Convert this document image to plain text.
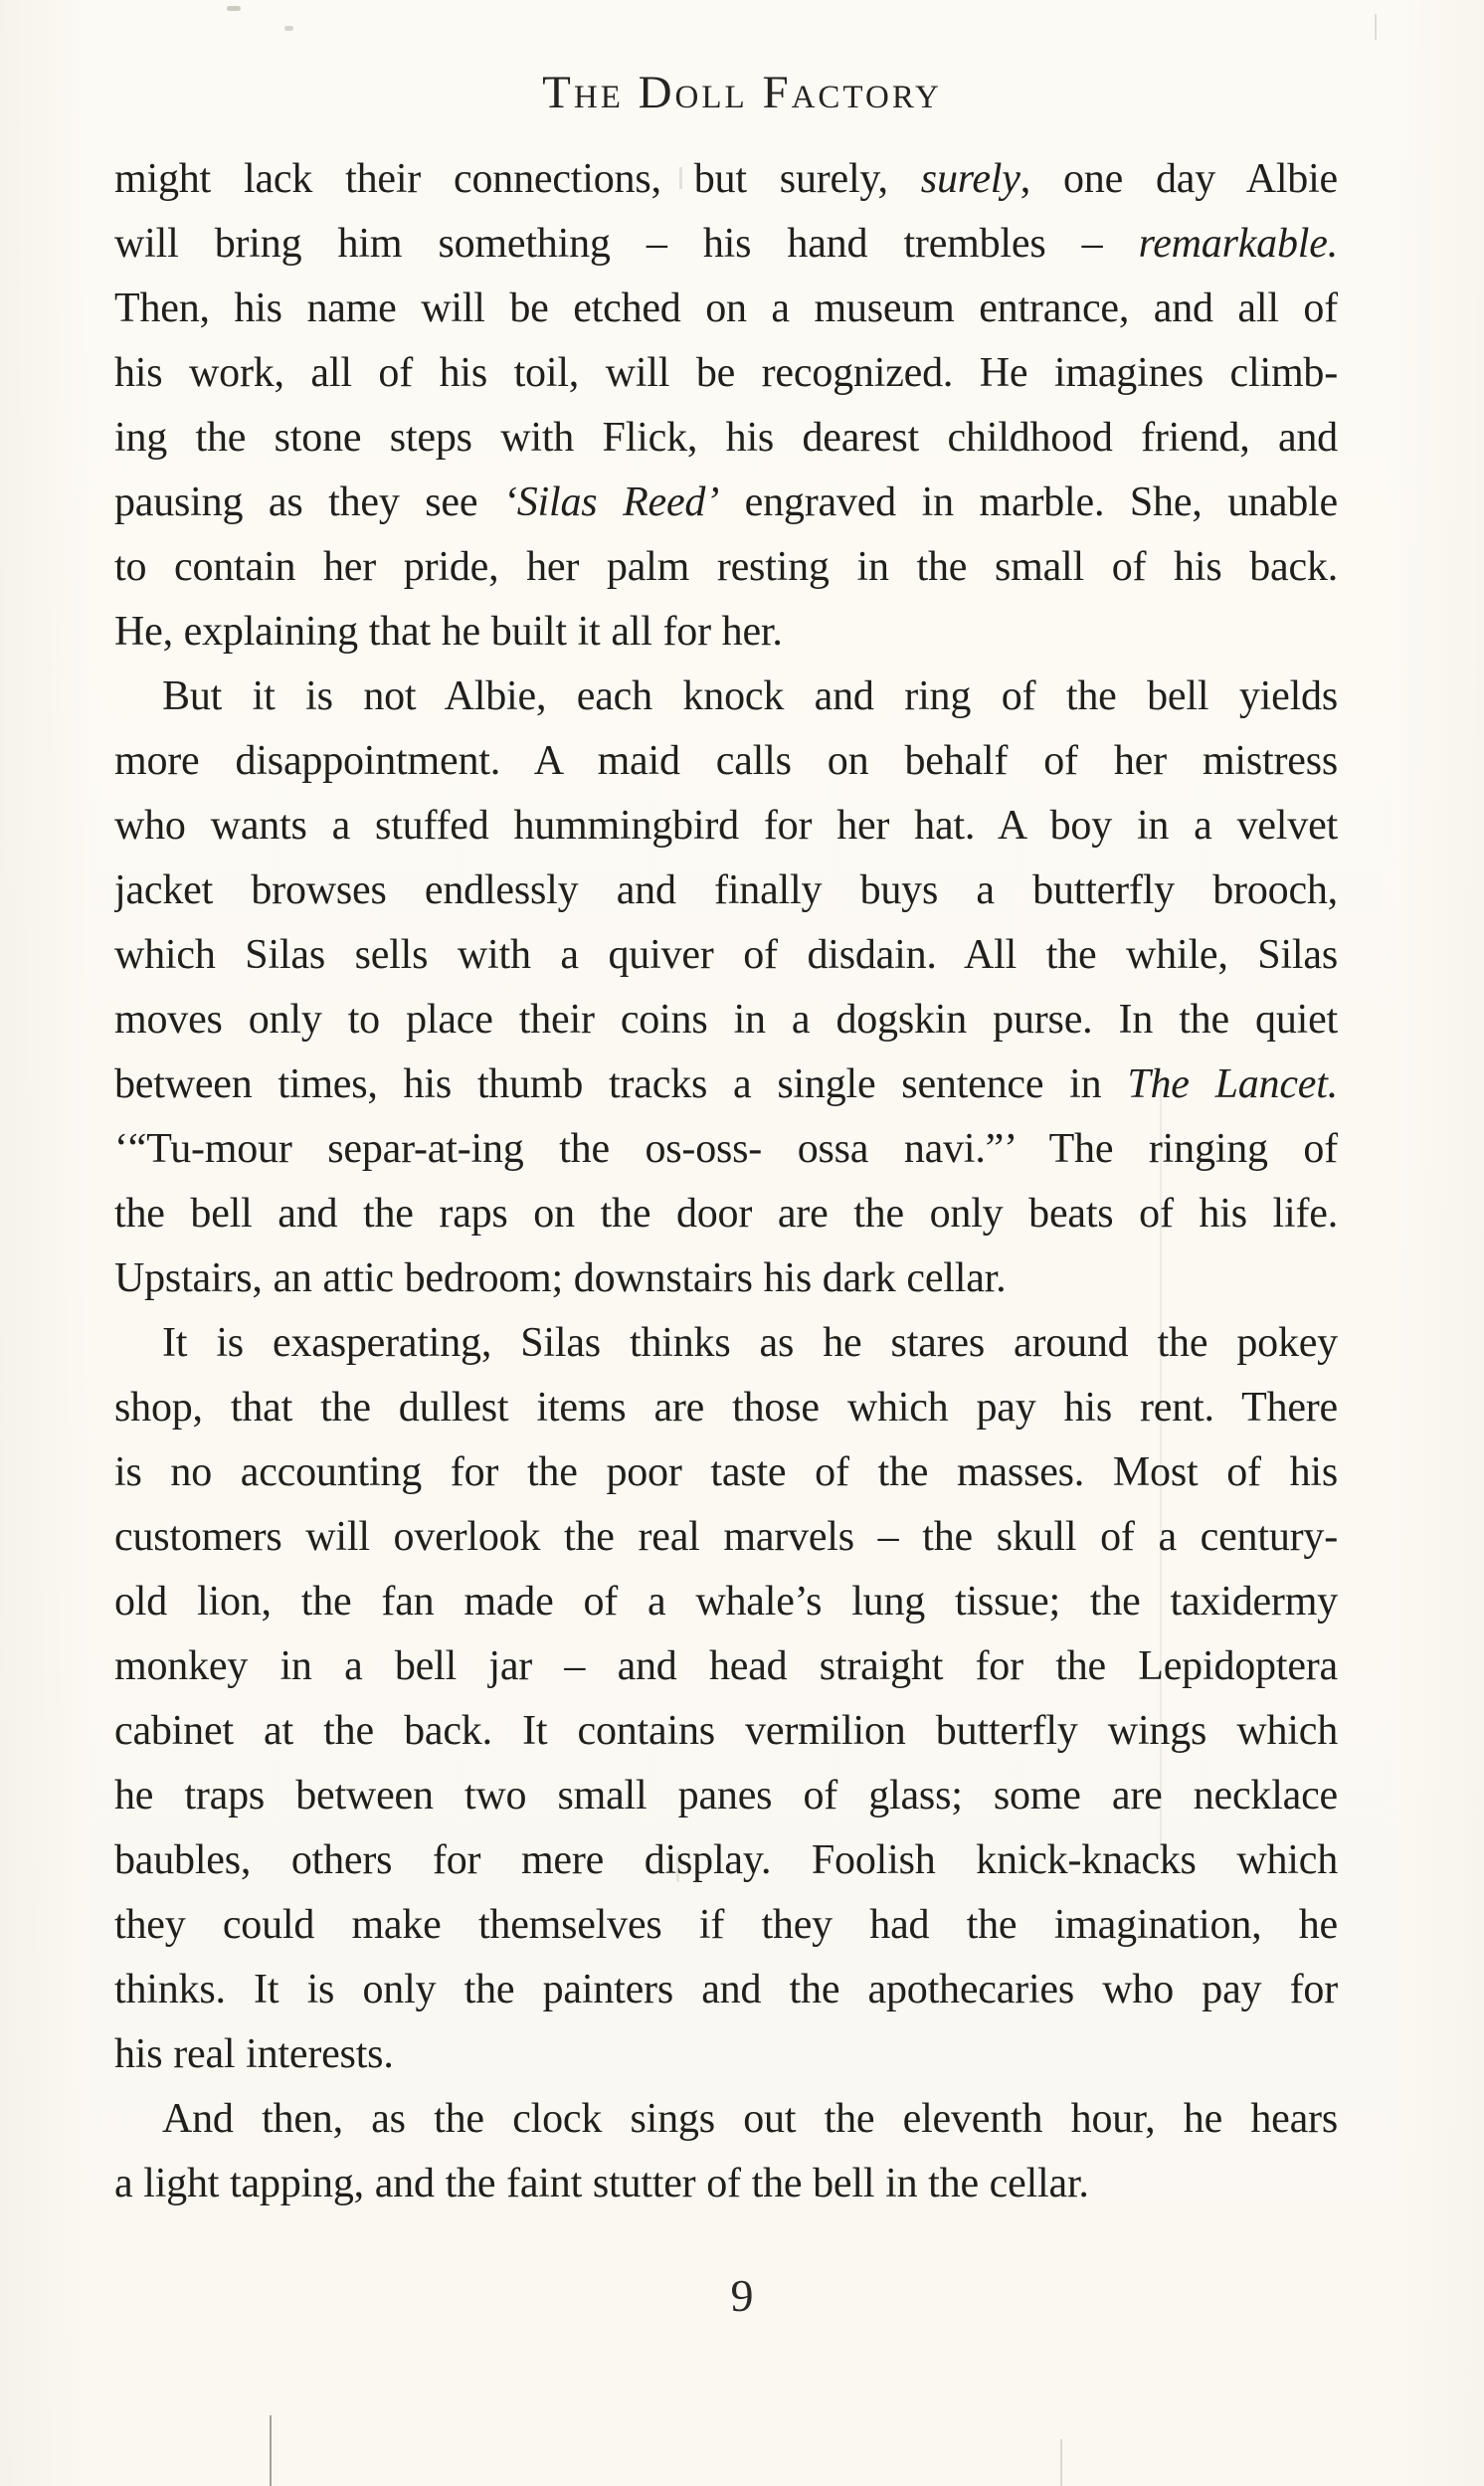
The Doll Factory
might lack their connections, but surely, surely, one day Albie
will bring him something – his hand trembles – remarkable.
Then, his name will be etched on a museum entrance, and all of
his work, all of his toil, will be recognized. He imagines climb-
ing the stone steps with Flick, his dearest childhood friend, and
pausing as they see ‘Silas Reed’ engraved in marble. She, unable
to contain her pride, her palm resting in the small of his back.
He, explaining that he built it all for her.
But it is not Albie, each knock and ring of the bell yields
more disappointment. A maid calls on behalf of her mistress
who wants a stuffed hummingbird for her hat. A boy in a velvet
jacket browses endlessly and finally buys a butterfly brooch,
which Silas sells with a quiver of disdain. All the while, Silas
moves only to place their coins in a dogskin purse. In the quiet
between times, his thumb tracks a single sentence in The Lancet.
‘“Tu-mour separ-at-ing the os-oss- ossa navi.”’ The ringing of
the bell and the raps on the door are the only beats of his life.
Upstairs, an attic bedroom; downstairs his dark cellar.
It is exasperating, Silas thinks as he stares around the pokey
shop, that the dullest items are those which pay his rent. There
is no accounting for the poor taste of the masses. Most of his
customers will overlook the real marvels – the skull of a century-
old lion, the fan made of a whale’s lung tissue; the taxidermy
monkey in a bell jar – and head straight for the Lepidoptera
cabinet at the back. It contains vermilion butterfly wings which
he traps between two small panes of glass; some are necklace
baubles, others for mere display. Foolish knick-knacks which
they could make themselves if they had the imagination, he
thinks. It is only the painters and the apothecaries who pay for
his real interests.
And then, as the clock sings out the eleventh hour, he hears
a light tapping, and the faint stutter of the bell in the cellar.
9
